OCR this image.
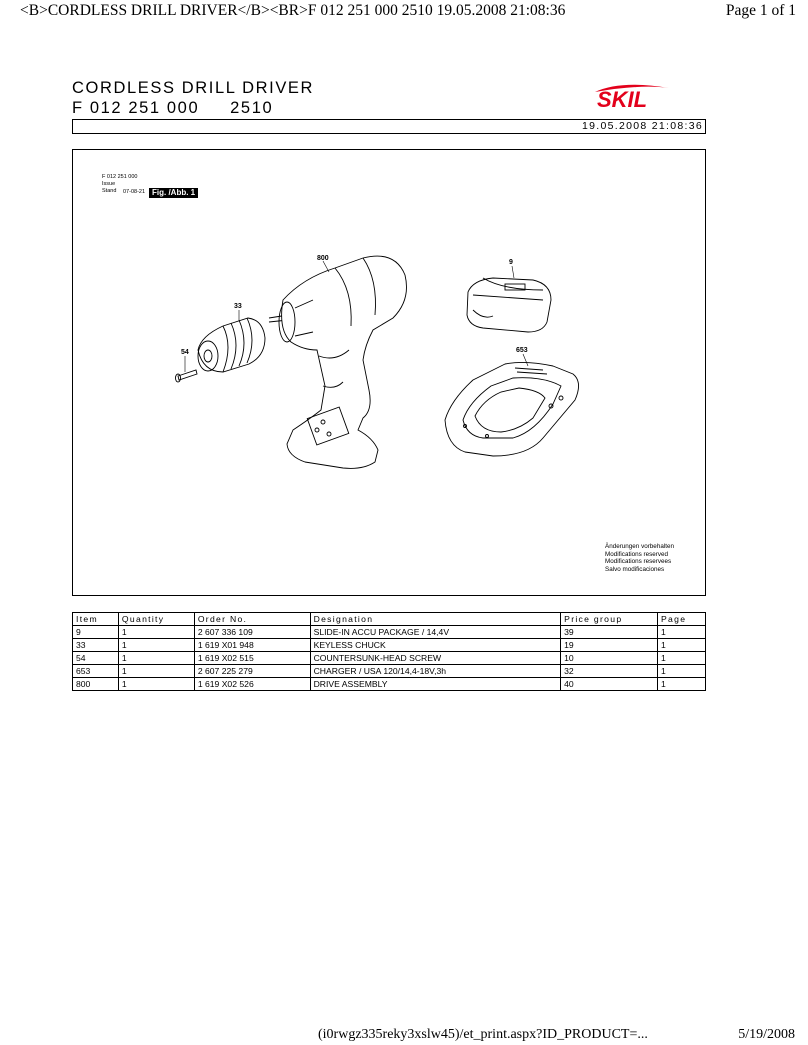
<B>CORDLESS DRILL DRIVER</B><BR>F 012 251 000 2510 19.05.2008 21:08:36	Page 1 of 1
CORDLESS DRILL DRIVER
F 012 251 000     2510	SKIL
19.05.2008 21:08:36
F 012 251 000
Issue
Stand	07-08-21 Fig. /Abb. 1
800
9
33
54	653
Änderungen vorbehalten
Modifications reserved
Modifications reservees
Salvo modificaciones
Item	Quantity	Order No.	Designation	Price group	Page
9	1	2 607 336 109	SLIDE-IN ACCU PACKAGE / 14,4V	39	1
33	1	1 619 X01 948	KEYLESS CHUCK	19	1
54	1	1 619 X02 515	COUNTERSUNK-HEAD SCREW	10	1
653	1	2 607 225 279	CHARGER / USA 120/14,4-18V,3h	32	1
800	1	1 619 X02 526	DRIVE ASSEMBLY	40	1
(i0rwgz335reky3xslw45)/et_print.aspx?ID_PRODUCT=...	5/19/2008
